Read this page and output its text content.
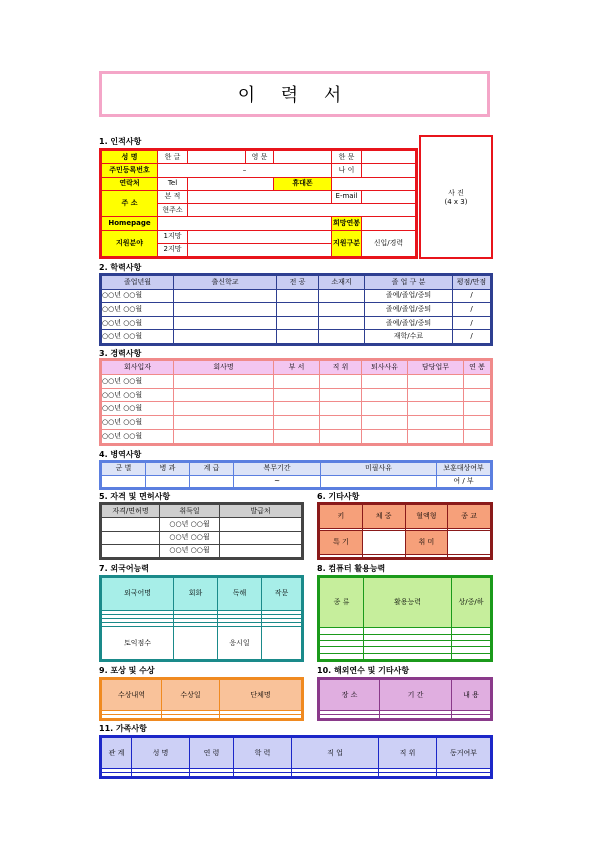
이 력 서
1. 인적사항
성 명	한 글		영 문		한 문	
주민등록번호	–				나 이	
연락처	Tel			휴대폰		
주 소	본 적				E-mail	
	현주소					
Homepage					희망연봉	
지원분야	1지망				지원구분	신입/경력
	2지망					
사 진
(4 x 3)
2. 학력사항
졸업년월	출신학교	전 공	소재지	졸 업 구 분	평점/만점
○○년 ○○월				졸예/졸업/중퇴	/
○○년 ○○월				졸예/졸업/중퇴	/
○○년 ○○월				졸예/졸업/중퇴	/
○○년 ○○월				재학/수료	/
3. 경력사항
회사입자	회사명	부 서	직 위	퇴사사유	담당업무	연 봉
○○년 ○○월						
○○년 ○○월						
○○년 ○○월						
○○년 ○○월						
○○년 ○○월						
4. 병역사항
군 별	병 과	계 급	복무기간	미필사유	보훈대상여부
			~		여 / 부
5. 자격 및 면허사항
자격/면허명	취득일	발급처
	○○년 ○○월	
	○○년 ○○월	
	○○년 ○○월	
6. 기타사항
키	체 중	혈액형	종 교

특 기		취 미	

7. 외국어능력
외국어명	회화	독해	작문

토익점수		응시일	
8. 컴퓨터 활용능력
종 류	활용능력	상/중/하

9. 포상 및 수상
수상내역	수상일	단체명

10. 해외연수 및 기타사항
장 소	기 간	내 용

11. 가족사항
관 계	성 명	연 령	학 력	직 업	직 위	동거여부
